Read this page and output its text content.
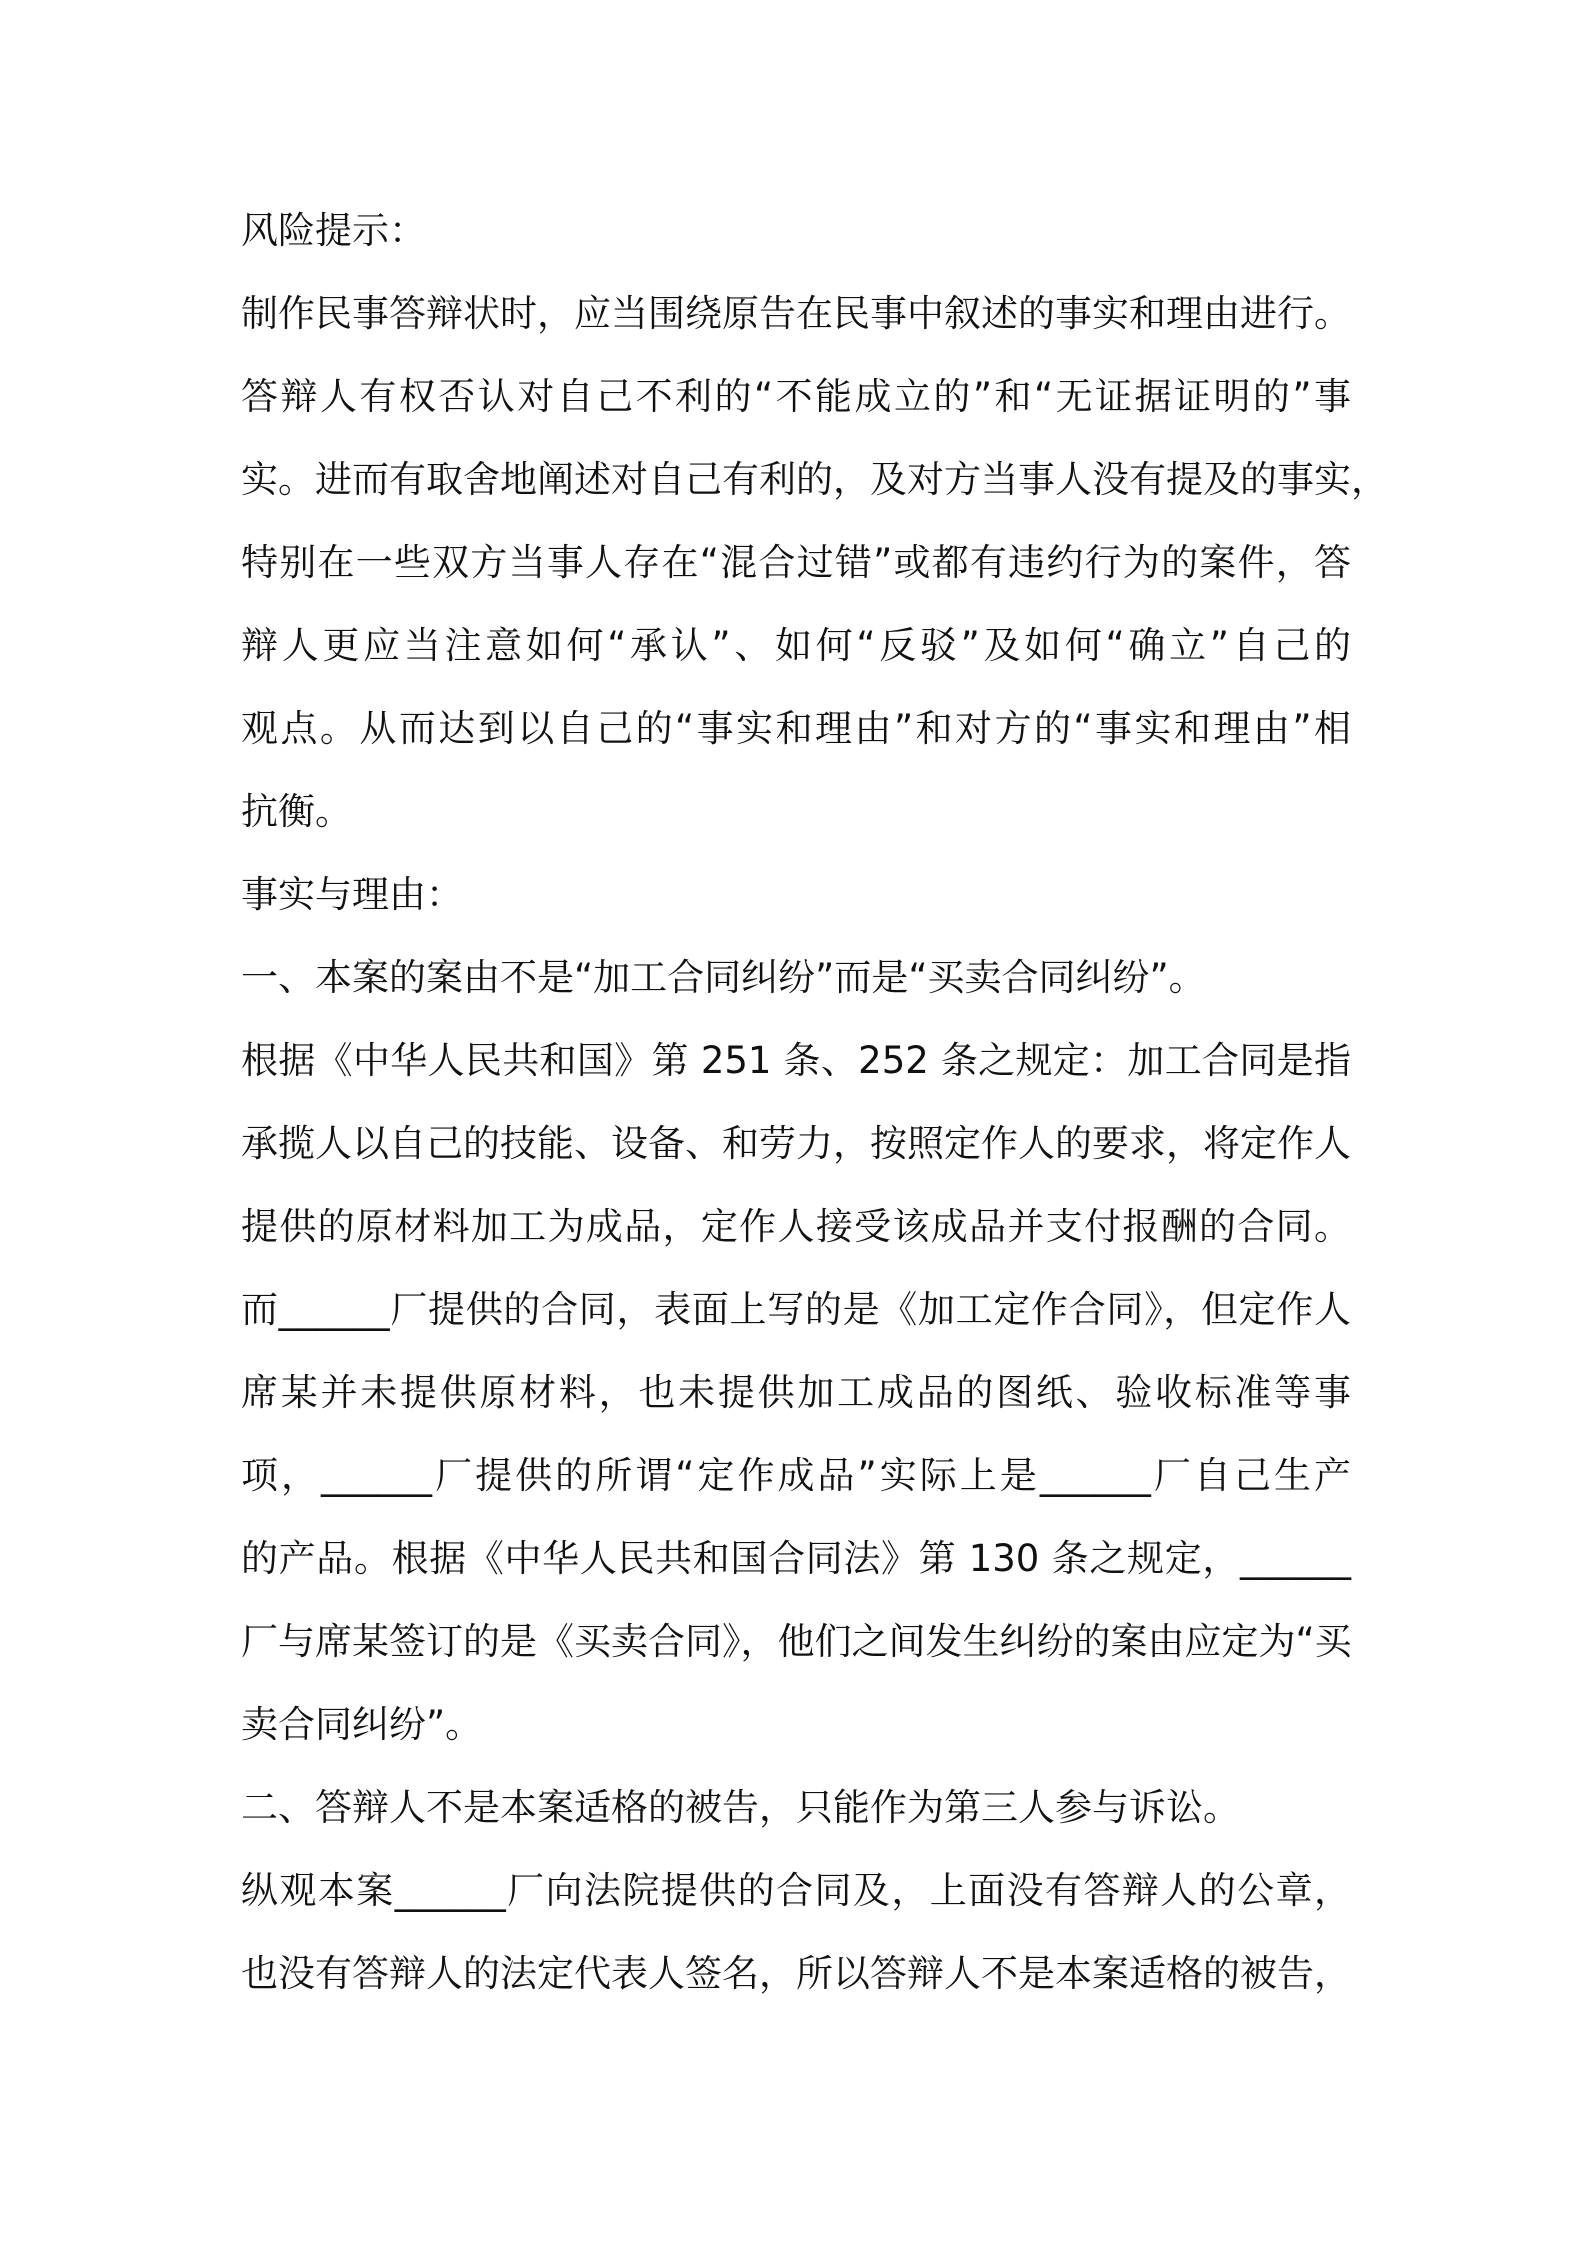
风险提示：
制作民事答辩状时，应当围绕原告在民事中叙述的事实和理由进行。
答辩人有权否认对自己不利的“不能成立的”和“无证据证明的”事
实。进而有取舍地阐述对自己有利的，及对方当事人没有提及的事实，
特别在一些双方当事人存在“混合过错”或都有违约行为的案件，答
辩人更应当注意如何“承认”、如何“反驳”及如何“确立”自己的
观点。从而达到以自己的“事实和理由”和对方的“事实和理由”相
抗衡。
事实与理由：
一、本案的案由不是“加工合同纠纷”而是“买卖合同纠纷”。
根据《中华人民共和国》第 251 条、252 条之规定：加工合同是指
承揽人以自己的技能、设备、和劳力，按照定作人的要求，将定作人
提供的原材料加工为成品，定作人接受该成品并支付报酬的合同。
而______厂提供的合同，表面上写的是《加工定作合同》，但定作人
席某并未提供原材料，也未提供加工成品的图纸、验收标准等事
项，______厂提供的所谓“定作成品”实际上是______厂自己生产
的产品。根据《中华人民共和国合同法》第 130 条之规定，______
厂与席某签订的是《买卖合同》，他们之间发生纠纷的案由应定为“买
卖合同纠纷”。
二、答辩人不是本案适格的被告，只能作为第三人参与诉讼。
纵观本案______厂向法院提供的合同及，上面没有答辩人的公章，
也没有答辩人的法定代表人签名，所以答辩人不是本案适格的被告，
